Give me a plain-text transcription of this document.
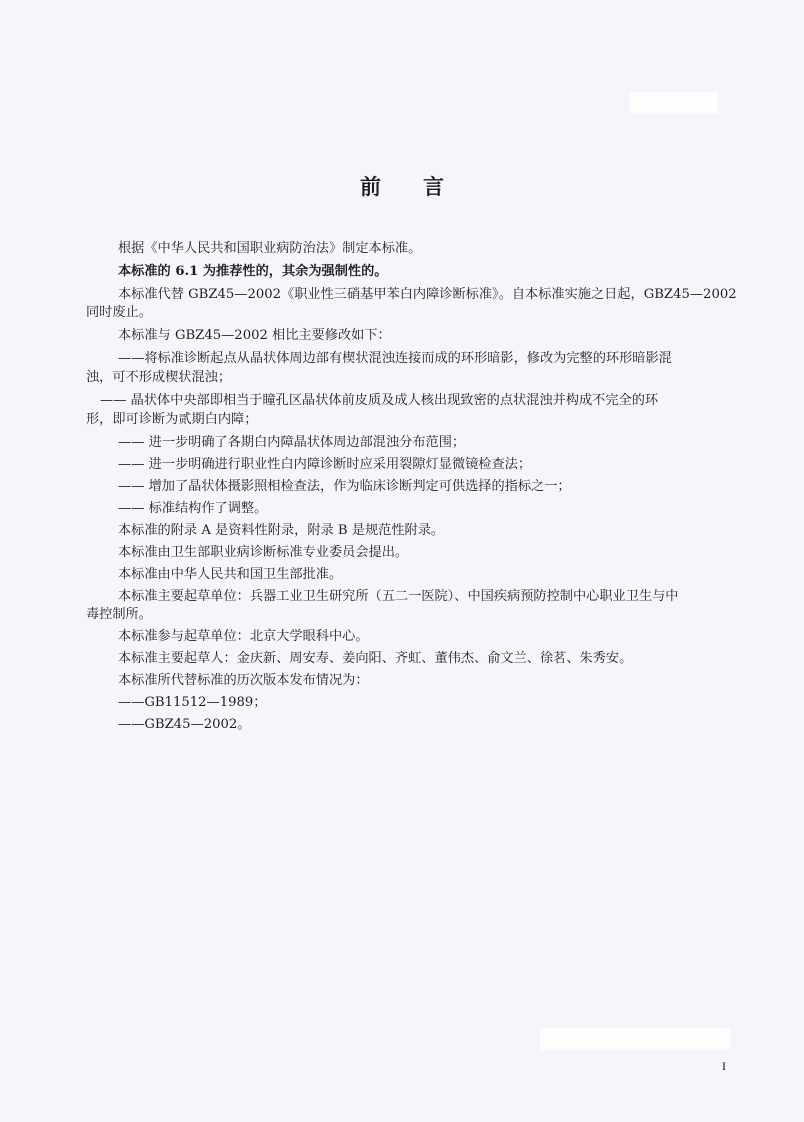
前　　言
根据《中华人民共和国职业病防治法》制定本标准。
本标准的 6.1 为推荐性的，其余为强制性的。
本标准代替 GBZ45—2002《职业性三硝基甲苯白内障诊断标准》。自本标准实施之日起，GBZ45—2002
同时废止。
本标准与 GBZ45—2002 相比主要修改如下：
——将标准诊断起点从晶状体周边部有楔状混浊连接而成的环形暗影，修改为完整的环形暗影混
浊，可不形成楔状混浊；
—— 晶状体中央部即相当于瞳孔区晶状体前皮质及成人核出现致密的点状混浊并构成不完全的环
形，即可诊断为贰期白内障；
—— 进一步明确了各期白内障晶状体周边部混浊分布范围；
—— 进一步明确进行职业性白内障诊断时应采用裂隙灯显微镜检查法；
—— 增加了晶状体摄影照相检查法，作为临床诊断判定可供选择的指标之一；
—— 标准结构作了调整。
本标准的附录 A 是资料性附录，附录 B 是规范性附录。
本标准由卫生部职业病诊断标准专业委员会提出。
本标准由中华人民共和国卫生部批准。
本标准主要起草单位：兵器工业卫生研究所（五二一医院）、中国疾病预防控制中心职业卫生与中
毒控制所。
本标准参与起草单位：北京大学眼科中心。
本标准主要起草人：金庆新、周安寿、姜向阳、齐虹、董伟杰、俞文兰、徐茗、朱秀安。
本标准所代替标准的历次版本发布情况为：
——GB11512—1989；
——GBZ45—2002。
I
